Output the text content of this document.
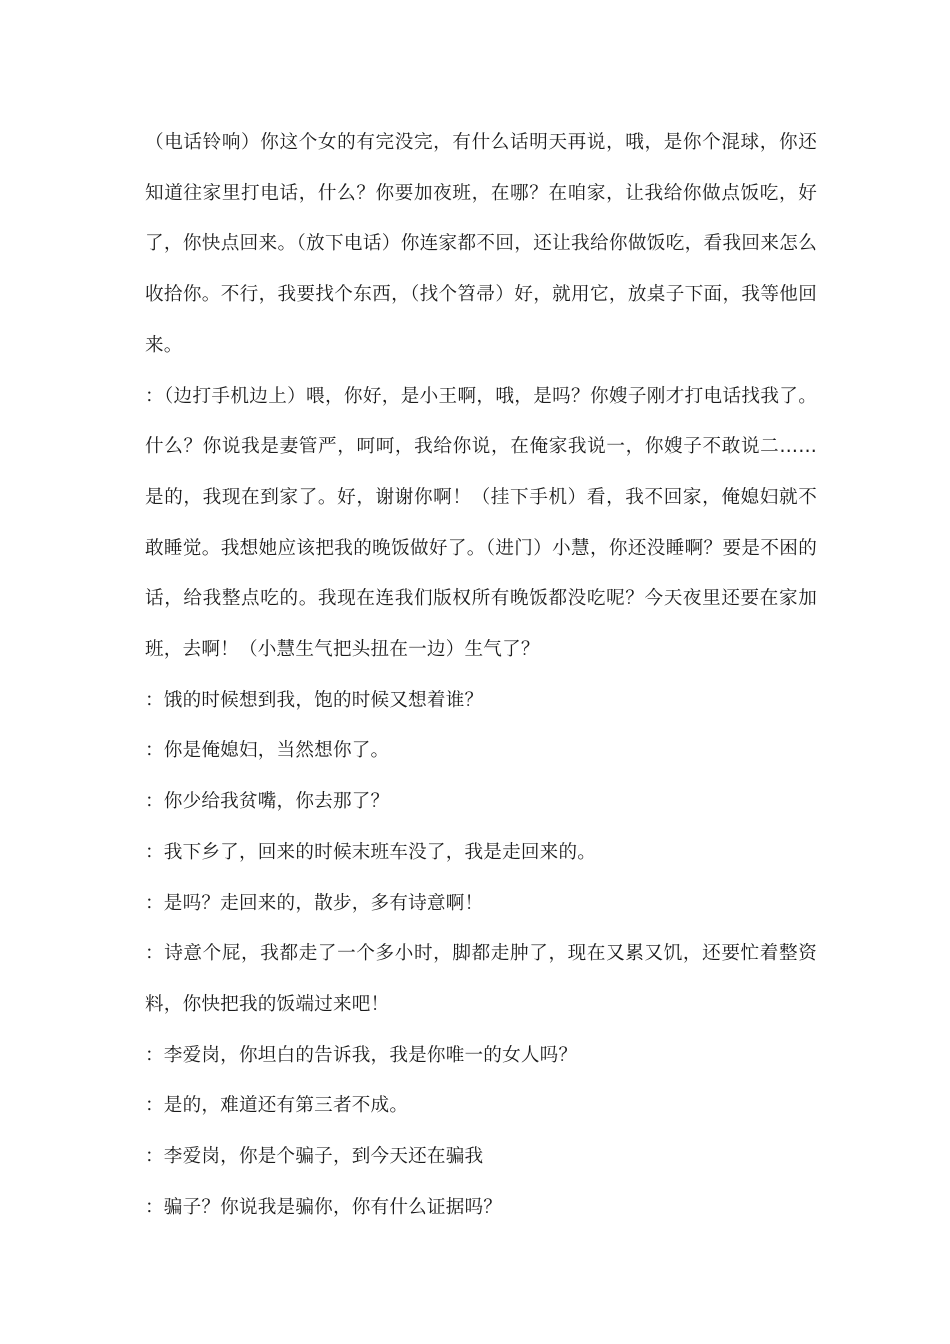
（电话铃响）你这个女的有完没完，有什么话明天再说，哦，是你个混球，你还知道往家里打电话，什么？你要加夜班，在哪？在咱家，让我给你做点饭吃，好了，你快点回来。（放下电话）你连家都不回，还让我给你做饭吃，看我回来怎么收拾你。不行，我要找个东西，（找个笤帚）好，就用它，放桌子下面，我等他回来。

：（边打手机边上）喂，你好，是小王啊，哦，是吗？你嫂子刚才打电话找我了。什么？你说我是妻管严，呵呵，我给你说，在俺家我说一，你嫂子不敢说二……是的，我现在到家了。好，谢谢你啊！（挂下手机）看，我不回家，俺媳妇就不敢睡觉。我想她应该把我的晚饭做好了。（进门）小慧，你还没睡啊？要是不困的话，给我整点吃的。我现在连我们版权所有晚饭都没吃呢？今天夜里还要在家加班，去啊！（小慧生气把头扭在一边）生气了？

：饿的时候想到我，饱的时候又想着谁？

：你是俺媳妇，当然想你了。

：你少给我贫嘴，你去那了？

：我下乡了，回来的时候末班车没了，我是走回来的。

：是吗？走回来的，散步，多有诗意啊！

：诗意个屁，我都走了一个多小时，脚都走肿了，现在又累又饥，还要忙着整资料，你快把我的饭端过来吧！

：李爱岗，你坦白的告诉我，我是你唯一的女人吗？

：是的，难道还有第三者不成。

：李爱岗，你是个骗子，到今天还在骗我

：骗子？你说我是骗你，你有什么证据吗？
